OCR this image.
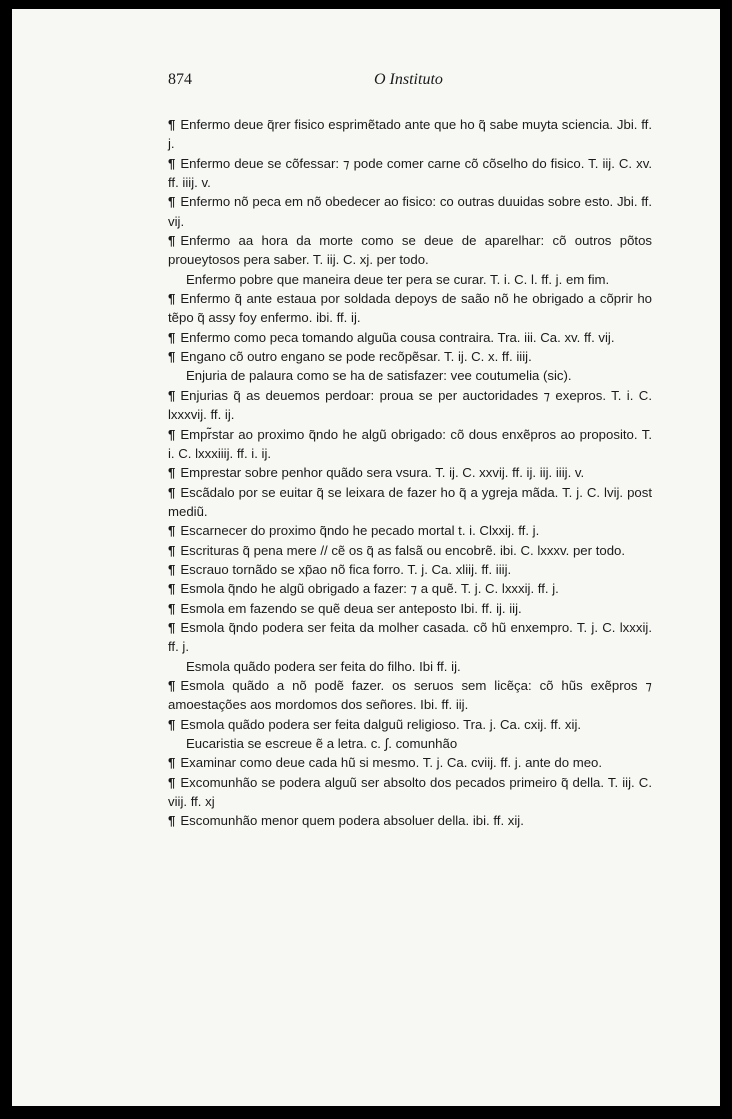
874	O Instituto

¶ Enfermo deue q̃rer fisico esprimẽtado ante que ho q̃ sabe muyta sciencia. Jbi. ff. j.

¶ Enfermo deue se cõfessar: ⁊ pode comer carne cõ cõselho do fisico. T. iij. C. xv. ff. iiij. v.

¶ Enfermo nõ peca em nõ obedecer ao fisico: co outras duuidas sobre esto. Jbi. ff. vij.

¶ Enfermo aa hora da morte como se deue de aparelhar: cõ outros põtos proueytosos pera saber. T. iij. C. xj. per todo.

Enfermo pobre que maneira deue ter pera se curar. T. i. C. l. ff. j. em fim.

¶ Enfermo q̃ ante estaua por soldada depoys de saão nõ he obrigado a cõprir ho tẽpo q̃ assy foy enfermo. ibi. ff. ij.

¶ Enfermo como peca tomando alguũa cousa contraira. Tra. iii. Ca. xv. ff. vij.

¶ Engano cõ outro engano se pode recõpẽsar. T. ij. C. x. ff. iiij.

Enjuria de palaura como se ha de satisfazer: vee coutumelia (sic).

¶ Enjurias q̃ as deuemos perdoar: proua se per auctoridades ⁊ exepros. T. i. C. lxxxvij. ff. ij.

¶ Empr̃star ao proximo q̃ndo he algũ obrigado: cõ dous enxẽpros ao proposito. T. i. C. lxxxiiij. ff. i. ij.

¶ Emprestar sobre penhor quãdo sera vsura. T. ij. C. xxvij. ff. ij. iij. iiij. v.

¶ Escãdalo por se euitar q̃ se leixara de fazer ho q̃ a ygreja mãda. T. j. C. lvij. post mediũ.

¶ Escarnecer do proximo q̃ndo he pecado mortal t. i. Clxxij. ff. j.

¶ Escrituras q̃ pena mere // cẽ os q̃ as falsã ou encobrẽ. ibi. C. lxxxv. per todo.

¶ Escrauo tornãdo se xp̃ao nõ fica forro. T. j. Ca. xliij. ff. iiij.

¶ Esmola q̃ndo he algũ obrigado a fazer: ⁊ a quẽ. T. j. C. lxxxij. ff. j.

¶ Esmola em fazendo se quẽ deua ser anteposto Ibi. ff. ij. iij.

¶ Esmola q̃ndo podera ser feita da molher casada. cõ hũ enxempro. T. j. C. lxxxij. ff. j.

Esmola quãdo podera ser feita do filho. Ibi ff. ij.

¶ Esmola quãdo a nõ podẽ fazer. os seruos sem licẽça: cõ hũs exẽpros ⁊ amoestações aos mordomos dos señores. Ibi. ff. iij.

¶ Esmola quãdo podera ser feita dalguũ religioso. Tra. j. Ca. cxij. ff. xij.

Eucaristia se escreue ẽ a letra. c. ∫. comunhão

¶ Examinar como deue cada hũ si mesmo. T. j. Ca. cviij. ff. j. ante do meo.

¶ Excomunhão se podera alguũ ser absolto dos pecados primeiro q̃ della. T. iij. C. viij. ff. xj

¶ Escomunhão menor quem podera absoluer della. ibi. ff. xij.
